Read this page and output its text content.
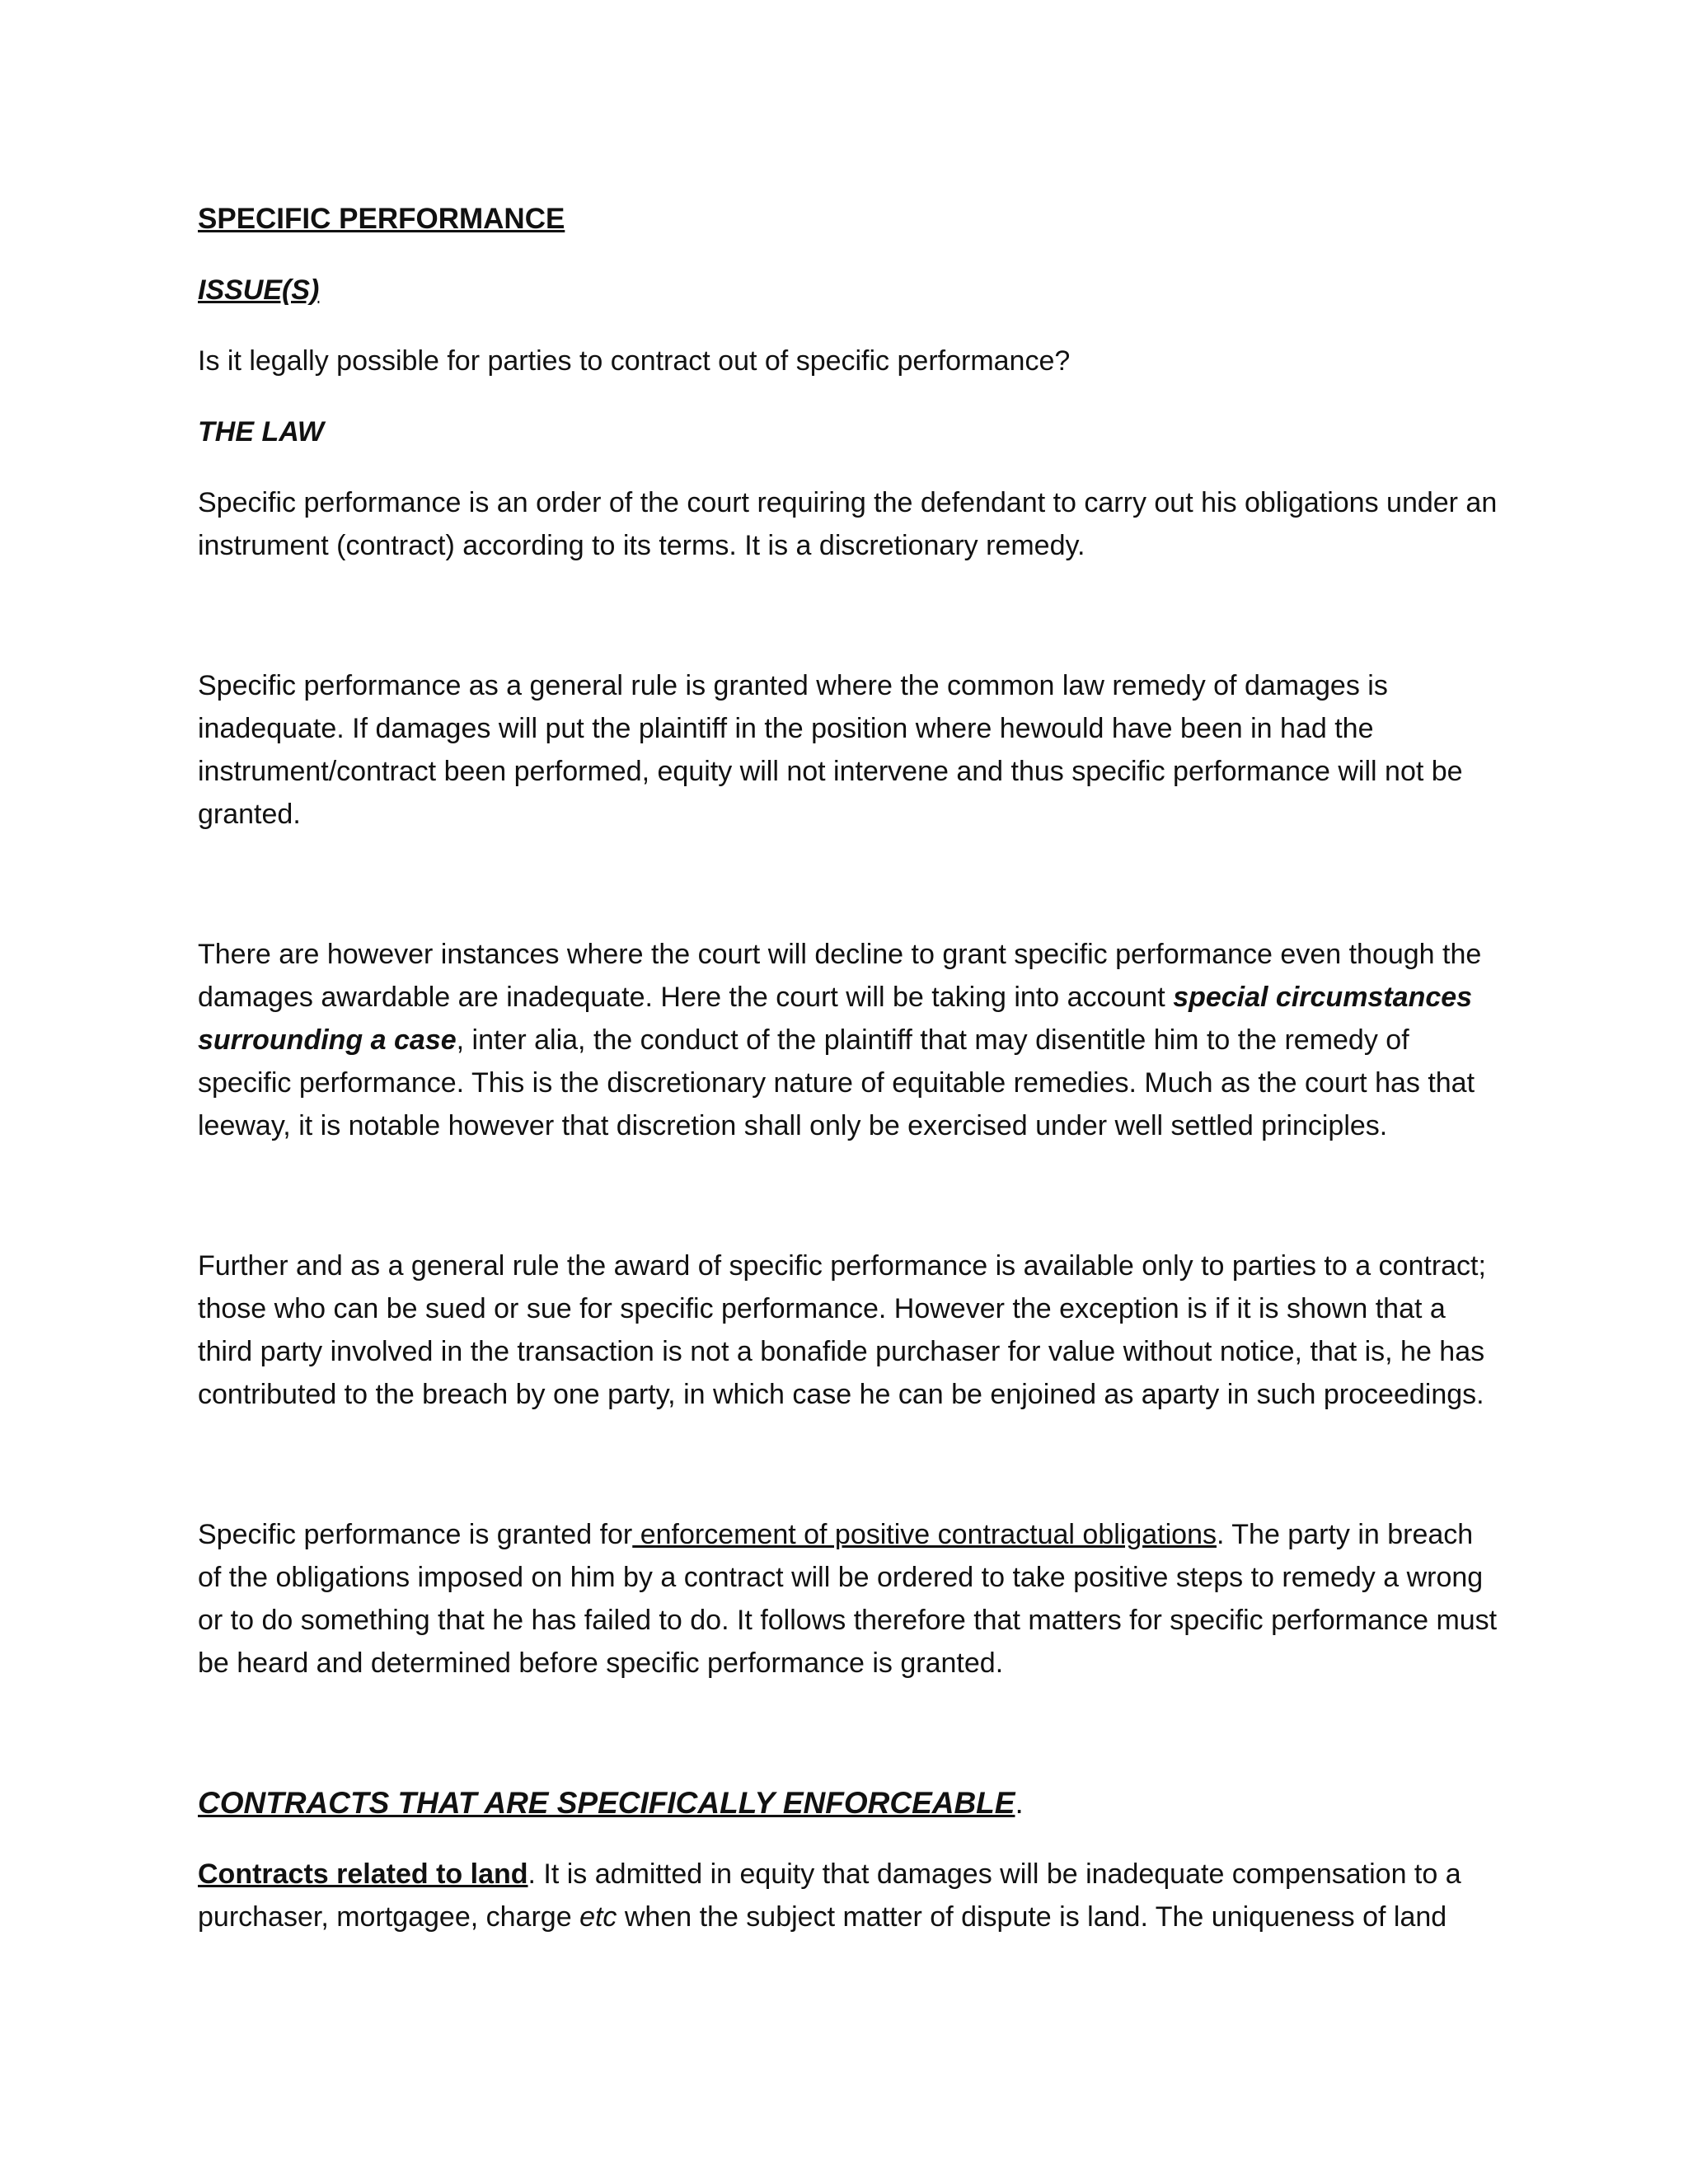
SPECIFIC PERFORMANCE

ISSUE(S)

Is it legally possible for parties to contract out of specific performance?

THE LAW

Specific performance is an order of the court requiring the defendant to carry out his obligations under an instrument (contract) according to its terms. It is a discretionary remedy.

Specific performance as a general rule is granted where the common law remedy of damages is inadequate. If damages will put the plaintiff in the position where hewould have been in had the instrument/contract been performed, equity will not intervene and thus specific performance will not be granted.

There are however instances where the court will decline to grant specific performance even though the damages awardable are inadequate. Here the court will be taking into account special circumstances surrounding a case, inter alia, the conduct of the plaintiff that may disentitle him to the remedy of specific performance. This is the discretionary nature of equitable remedies. Much as the court has that leeway, it is notable however that discretion shall only be exercised under well settled principles.

Further and as a general rule the award of specific performance is available only to parties to a contract; those who can be sued or sue for specific performance. However the exception is if it is shown that a third party involved in the transaction is not a bonafide purchaser for value without notice, that is, he has contributed to the breach by one party, in which case he can be enjoined as aparty in such proceedings.

Specific performance is granted for enforcement of positive contractual obligations. The party in breach of the obligations imposed on him by a contract will be ordered to take positive steps to remedy a wrong or to do something that he has failed to do. It follows therefore that matters for specific performance must be heard and determined before specific performance is granted.

CONTRACTS THAT ARE SPECIFICALLY ENFORCEABLE.

Contracts related to land. It is admitted in equity that damages will be inadequate compensation to a purchaser, mortgagee, charge etc when the subject matter of dispute is land. The uniqueness of land
